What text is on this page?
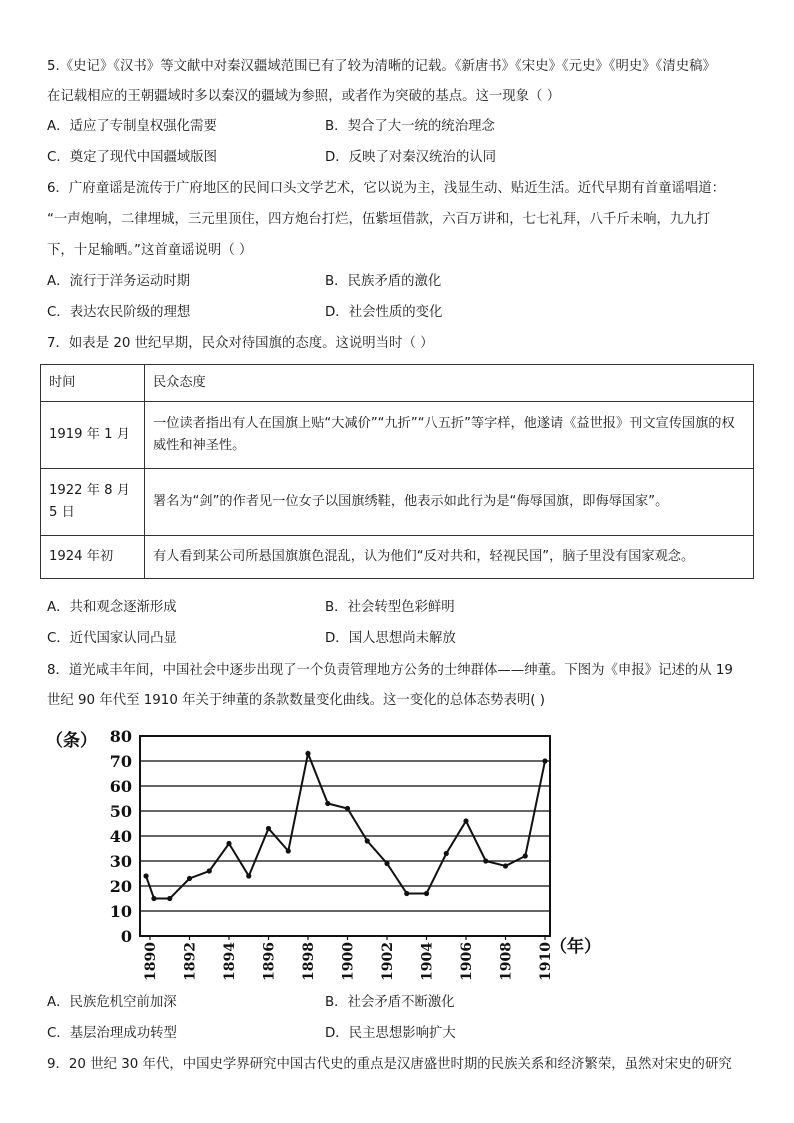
5.《史记》《汉书》等文献中对秦汉疆域范围已有了较为清晰的记载。《新唐书》《宋史》《元史》《明史》《清史稿》
在记载相应的王朝疆域时多以秦汉的疆域为参照，或者作为突破的基点。这一现象（ ）
A．适应了专制皇权强化需要	B．契合了大一统的统治理念
C．奠定了现代中国疆域版图	D．反映了对秦汉统治的认同
6．广府童谣是流传于广府地区的民间口头文学艺术，它以说为主，浅显生动、贴近生活。近代早期有首童谣唱道：
“一声炮响，二律埋城，三元里顶住，四方炮台打烂，伍紫垣借款，六百万讲和，七七礼拜，八千斤未响，九九打
下，十足输晒。”这首童谣说明（ ）
A．流行于洋务运动时期	B．民族矛盾的激化
C．表达农民阶级的理想	D．社会性质的变化
7．如表是 20 世纪早期，民众对待国旗的态度。这说明当时（ ）
时间	民众态度
1919 年 1 月	一位读者指出有人在国旗上贴“大减价”“九折”“八五折”等字样，他遂请《益世报》刊文宣传国旗的权威性和神圣性。
1922 年 8 月 5 日	署名为“剑”的作者见一位女子以国旗绣鞋，他表示如此行为是“侮辱国旗，即侮辱国家”。
1924 年初	有人看到某公司所悬国旗旗色混乱，认为他们“反对共和，轻视民国”，脑子里没有国家观念。
A．共和观念逐渐形成	B．社会转型色彩鲜明
C．近代国家认同凸显	D．国人思想尚未解放
8．道光咸丰年间，中国社会中逐步出现了一个负责管理地方公务的士绅群体——绅董。下图为《申报》记述的从 19
世纪 90 年代至 1910 年关于绅董的条款数量变化曲线。这一变化的总体态势表明( )
0
10
20
30
40
50
60
70
80
1890 1892 1894 1896 1898 1900 1902 1904 1906 1908 1910
（条）
（年）
A．民族危机空前加深	B．社会矛盾不断激化
C．基层治理成功转型	D．民主思想影响扩大
9．20 世纪 30 年代，中国史学界研究中国古代史的重点是汉唐盛世时期的民族关系和经济繁荣，虽然对宋史的研究
